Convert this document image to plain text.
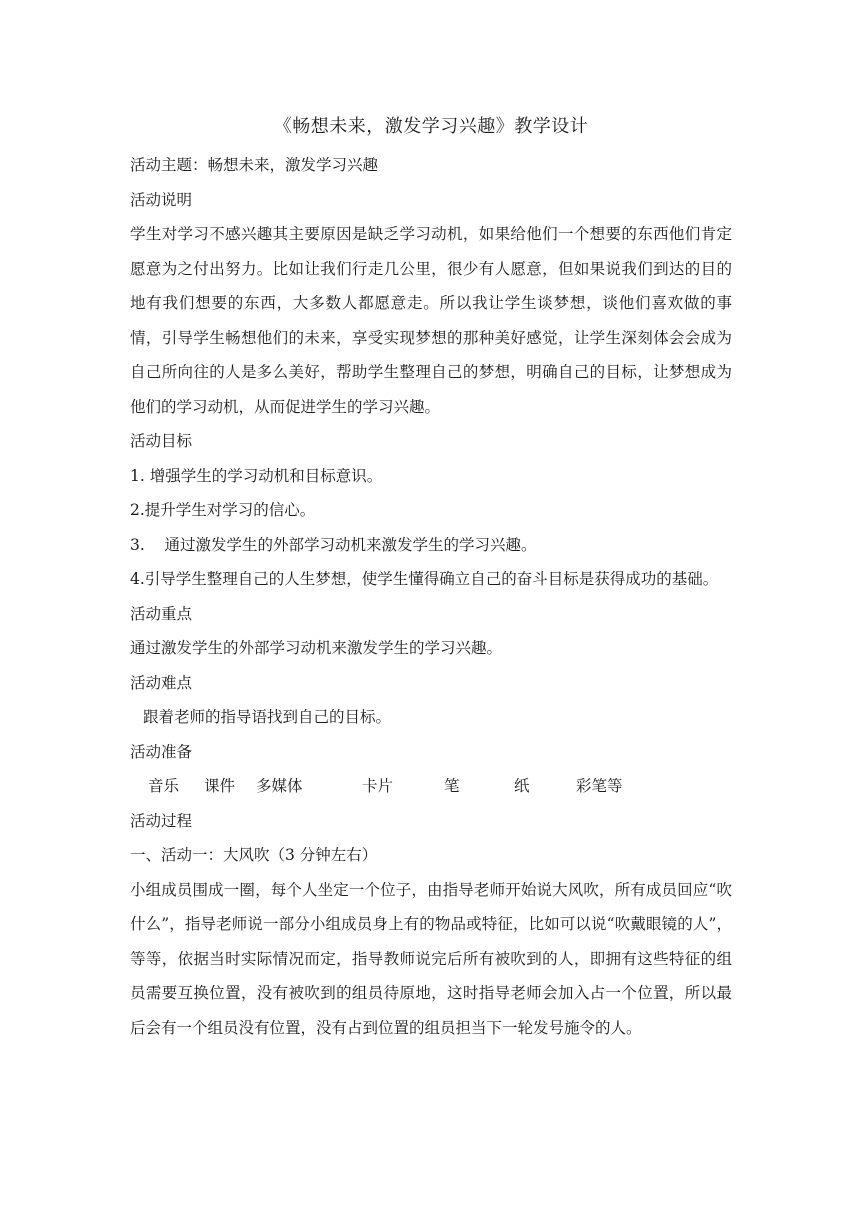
《畅想未来，激发学习兴趣》教学设计

活动主题：畅想未来，激发学习兴趣

活动说明

学生对学习不感兴趣其主要原因是缺乏学习动机，如果给他们一个想要的东西他们肯定愿意为之付出努力。比如让我们行走几公里，很少有人愿意，但如果说我们到达的目的地有我们想要的东西，大多数人都愿意走。所以我让学生谈梦想，谈他们喜欢做的事情，引导学生畅想他们的未来，享受实现梦想的那种美好感觉，让学生深刻体会会成为自己所向往的人是多么美好，帮助学生整理自己的梦想，明确自己的目标，让梦想成为他们的学习动机，从而促进学生的学习兴趣。

活动目标

1. 增强学生的学习动机和目标意识。

2.提升学生对学习的信心。

3.    通过激发学生的外部学习动机来激发学生的学习兴趣。

4.引导学生整理自己的人生梦想，使学生懂得确立自己的奋斗目标是获得成功的基础。

活动重点

通过激发学生的外部学习动机来激发学生的学习兴趣。

活动难点

跟着老师的指导语找到自己的目标。

活动准备

音乐 课件 多媒体	卡片	笔	纸	彩笔等

活动过程

一、活动一：大风吹（3 分钟左右）

小组成员围成一圈，每个人坐定一个位子，由指导老师开始说大风吹，所有成员回应“吹什么”，指导老师说一部分小组成员身上有的物品或特征，比如可以说“吹戴眼镜的人”，等等，依据当时实际情况而定，指导教师说完后所有被吹到的人，即拥有这些特征的组员需要互换位置，没有被吹到的组员待原地，这时指导老师会加入占一个位置，所以最后会有一个组员没有位置，没有占到位置的组员担当下一轮发号施令的人。
